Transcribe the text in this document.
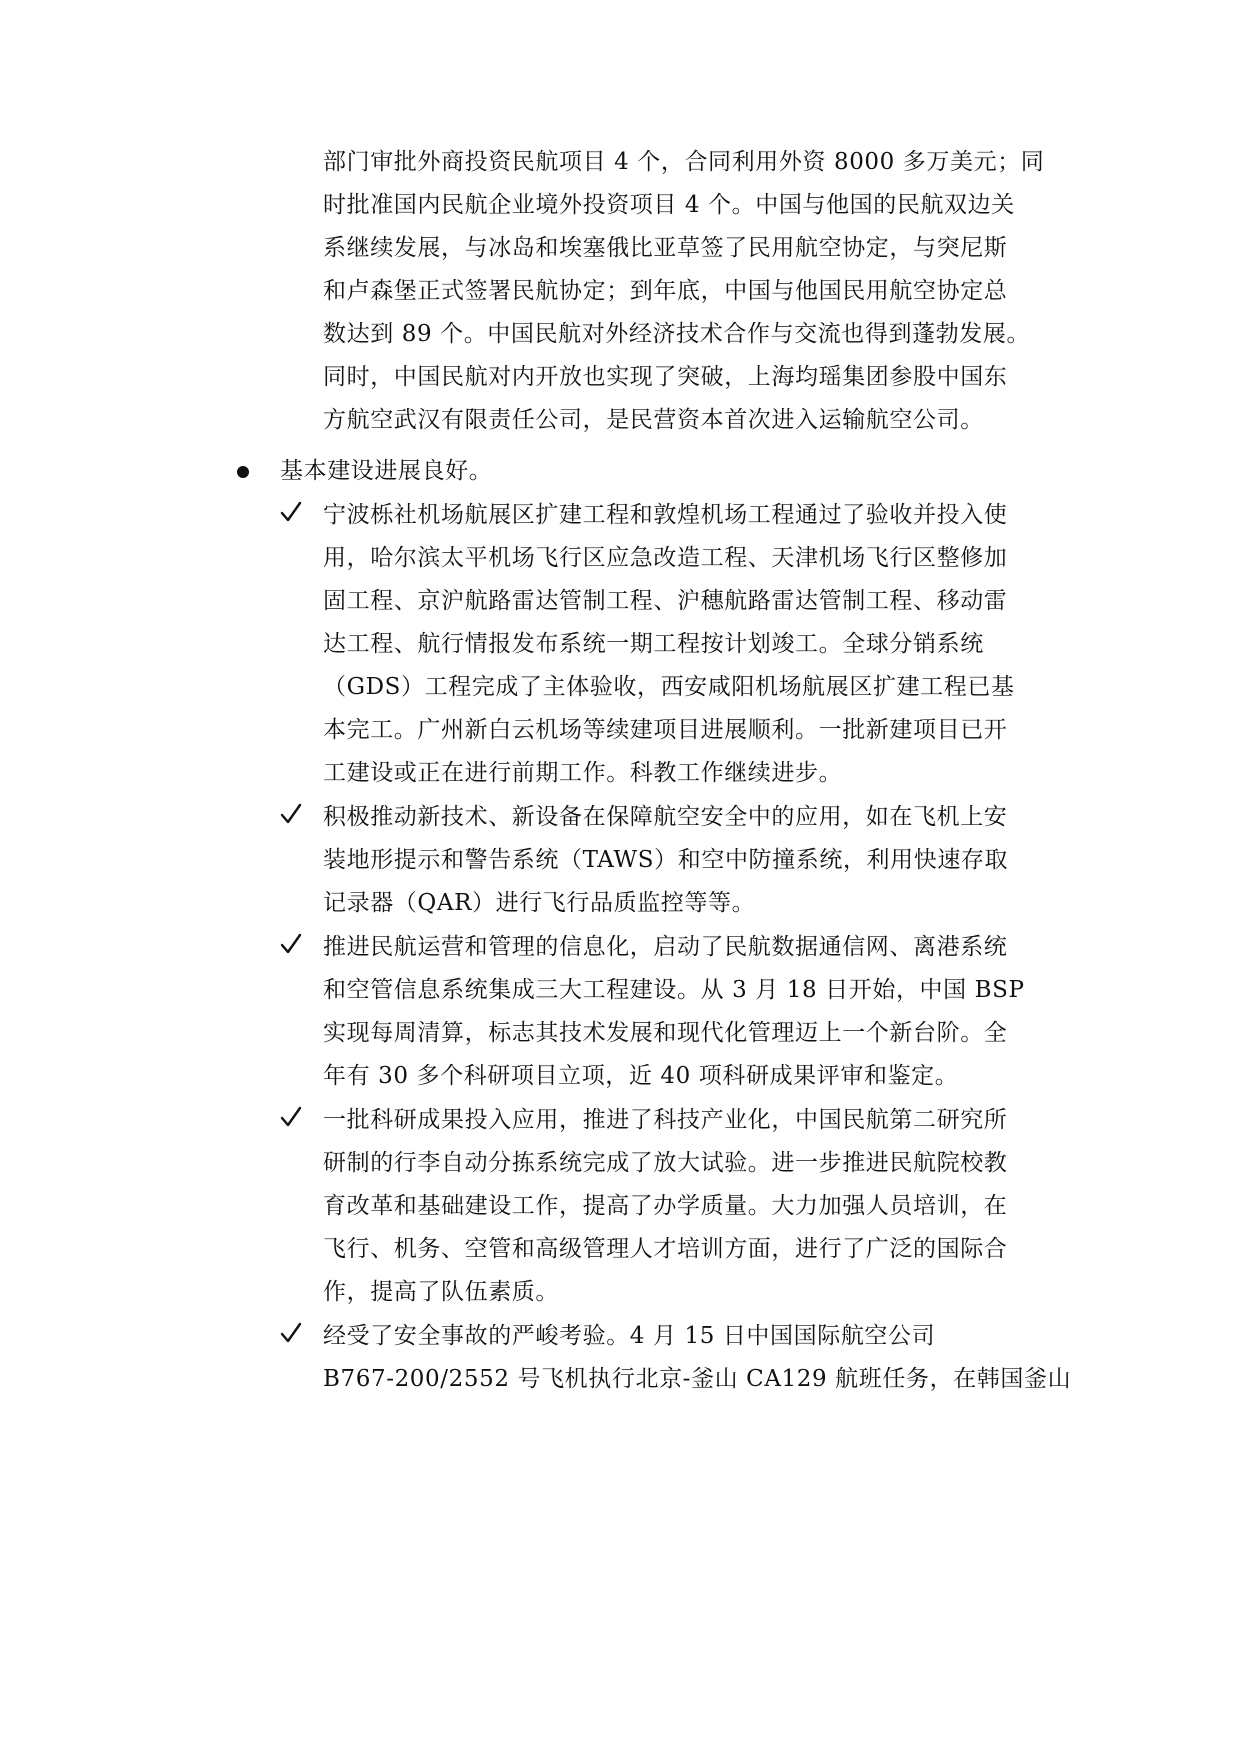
部门审批外商投资民航项目 4 个，合同利用外资 8000 多万美元；同
时批准国内民航企业境外投资项目 4 个。中国与他国的民航双边关
系继续发展，与冰岛和埃塞俄比亚草签了民用航空协定，与突尼斯
和卢森堡正式签署民航协定；到年底，中国与他国民用航空协定总
数达到 89 个。中国民航对外经济技术合作与交流也得到蓬勃发展。
同时，中国民航对内开放也实现了突破，上海均瑶集团参股中国东
方航空武汉有限责任公司，是民营资本首次进入运输航空公司。
基本建设进展良好。
宁波栎社机场航展区扩建工程和敦煌机场工程通过了验收并投入使
用，哈尔滨太平机场飞行区应急改造工程、天津机场飞行区整修加
固工程、京沪航路雷达管制工程、沪穗航路雷达管制工程、移动雷
达工程、航行情报发布系统一期工程按计划竣工。全球分销系统
（GDS）工程完成了主体验收，西安咸阳机场航展区扩建工程已基
本完工。广州新白云机场等续建项目进展顺利。一批新建项目已开
工建设或正在进行前期工作。科教工作继续进步。
积极推动新技术、新设备在保障航空安全中的应用，如在飞机上安
装地形提示和警告系统（TAWS）和空中防撞系统，利用快速存取
记录器（QAR）进行飞行品质监控等等。
推进民航运营和管理的信息化，启动了民航数据通信网、离港系统
和空管信息系统集成三大工程建设。从 3 月 18 日开始，中国 BSP
实现每周清算，标志其技术发展和现代化管理迈上一个新台阶。全
年有 30 多个科研项目立项，近 40 项科研成果评审和鉴定。
一批科研成果投入应用，推进了科技产业化，中国民航第二研究所
研制的行李自动分拣系统完成了放大试验。进一步推进民航院校教
育改革和基础建设工作，提高了办学质量。大力加强人员培训，在
飞行、机务、空管和高级管理人才培训方面，进行了广泛的国际合
作，提高了队伍素质。
经受了安全事故的严峻考验。4 月 15 日中国国际航空公司
B767-200/2552 号飞机执行北京-釜山 CA129 航班任务，在韩国釜山
